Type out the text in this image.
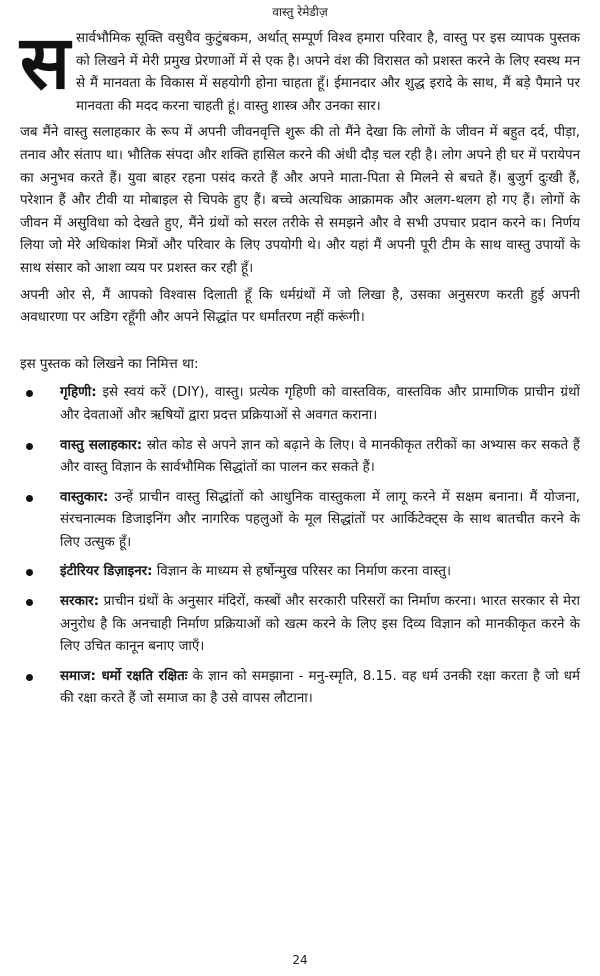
वास्तु रेमेडीज़

ससार्वभौमिक सूक्ति वसुधैव कुटुंबकम, अर्थात् सम्पूर्ण विश्व हमारा परिवार है, वास्तु पर इस व्यापक पुस्तक को लिखने में मेरी प्रमुख प्रेरणाओं में से एक है। अपने वंश की विरासत को प्रशस्त करने के लिए स्वस्थ मन से मैं मानवता के विकास में सहयोगी होना चाहता हूँ। ईमानदार और शुद्ध इरादे के साथ, मैं बड़े पैमाने पर मानवता की मदद करना चाहती हूं। वास्तु शास्त्र और उनका सार।

जब मैंने वास्तु सलाहकार के रूप में अपनी जीवनवृत्ति शुरू की तो मैंने देखा कि लोगों के जीवन में बहुत दर्द, पीड़ा, तनाव और संताप था। भौतिक संपदा और शक्ति हासिल करने की अंधी दौड़ चल रही है। लोग अपने ही घर में परायेपन का अनुभव करते हैं। युवा बाहर रहना पसंद करते हैं और अपने माता-पिता से मिलने से बचते हैं। बुजुर्ग दुःखी हैं, परेशान हैं और टीवी या मोबाइल से चिपके हुए हैं। बच्चे अत्यधिक आक्रामक और अलग-थलग हो गए हैं। लोगों के जीवन में असुविधा को देखते हुए, मैंने ग्रंथों को सरल तरीके से समझने और वे सभी उपचार प्रदान करने क। निर्णय लिया जो मेरे अधिकांश मित्रों और परिवार के लिए उपयोगी थे। और यहां मैं अपनी पूरी टीम के साथ वास्तु उपायों के साथ संसार को आशा व्यय पर प्रशस्त कर रही हूँ।

अपनी ओर से, मैं आपको विश्वास दिलाती हूँ कि धर्मग्रंथों में जो लिखा है, उसका अनुसरण करती हुई अपनी अवधारणा पर अडिग रहूँगी और अपने सिद्धांत पर धर्मांतरण नहीं करूंगी।

इस पुस्तक को लिखने का निमित्त था:

गृहिणी: इसे स्वयं करें (DIY), वास्तु। प्रत्येक गृहिणी को वास्तविक, वास्तविक और प्रामाणिक प्राचीन ग्रंथों और देवताओं और ऋषियों द्वारा प्रदत्त प्रक्रियाओं से अवगत कराना।
वास्तु सलाहकार: स्रोत कोड से अपने ज्ञान को बढ़ाने के लिए। वे मानकीकृत तरीकों का अभ्यास कर सकते हैं और वास्तु विज्ञान के सार्वभौमिक सिद्धांतों का पालन कर सकते हैं।
वास्तुकार: उन्हें प्राचीन वास्तु सिद्धांतों को आधुनिक वास्तुकला में लागू करने में सक्षम बनाना। मैं योजना, संरचनात्मक डिजाइनिंग और नागरिक पहलुओं के मूल सिद्धांतों पर आर्किटेक्ट्स के साथ बातचीत करने के लिए उत्सुक हूँ।
इंटीरियर डिज़ाइनर: विज्ञान के माध्यम से हर्षोन्मुख परिसर का निर्माण करना वास्तु।
सरकार: प्राचीन ग्रंथों के अनुसार मंदिरों, कस्बों और सरकारी परिसरों का निर्माण करना। भारत सरकार से मेरा अनुरोध है कि अनचाही निर्माण प्रक्रियाओं को खत्म करने के लिए इस दिव्य विज्ञान को मानकीकृत करने के लिए उचित कानून बनाए जाएँ।
समाज: धर्मो रक्षति रक्षितः के ज्ञान को समझाना - मनु-स्मृति, 8.15. वह धर्म उनकी रक्षा करता है जो धर्म की रक्षा करते हैं जो समाज का है उसे वापस लौटाना।
24
